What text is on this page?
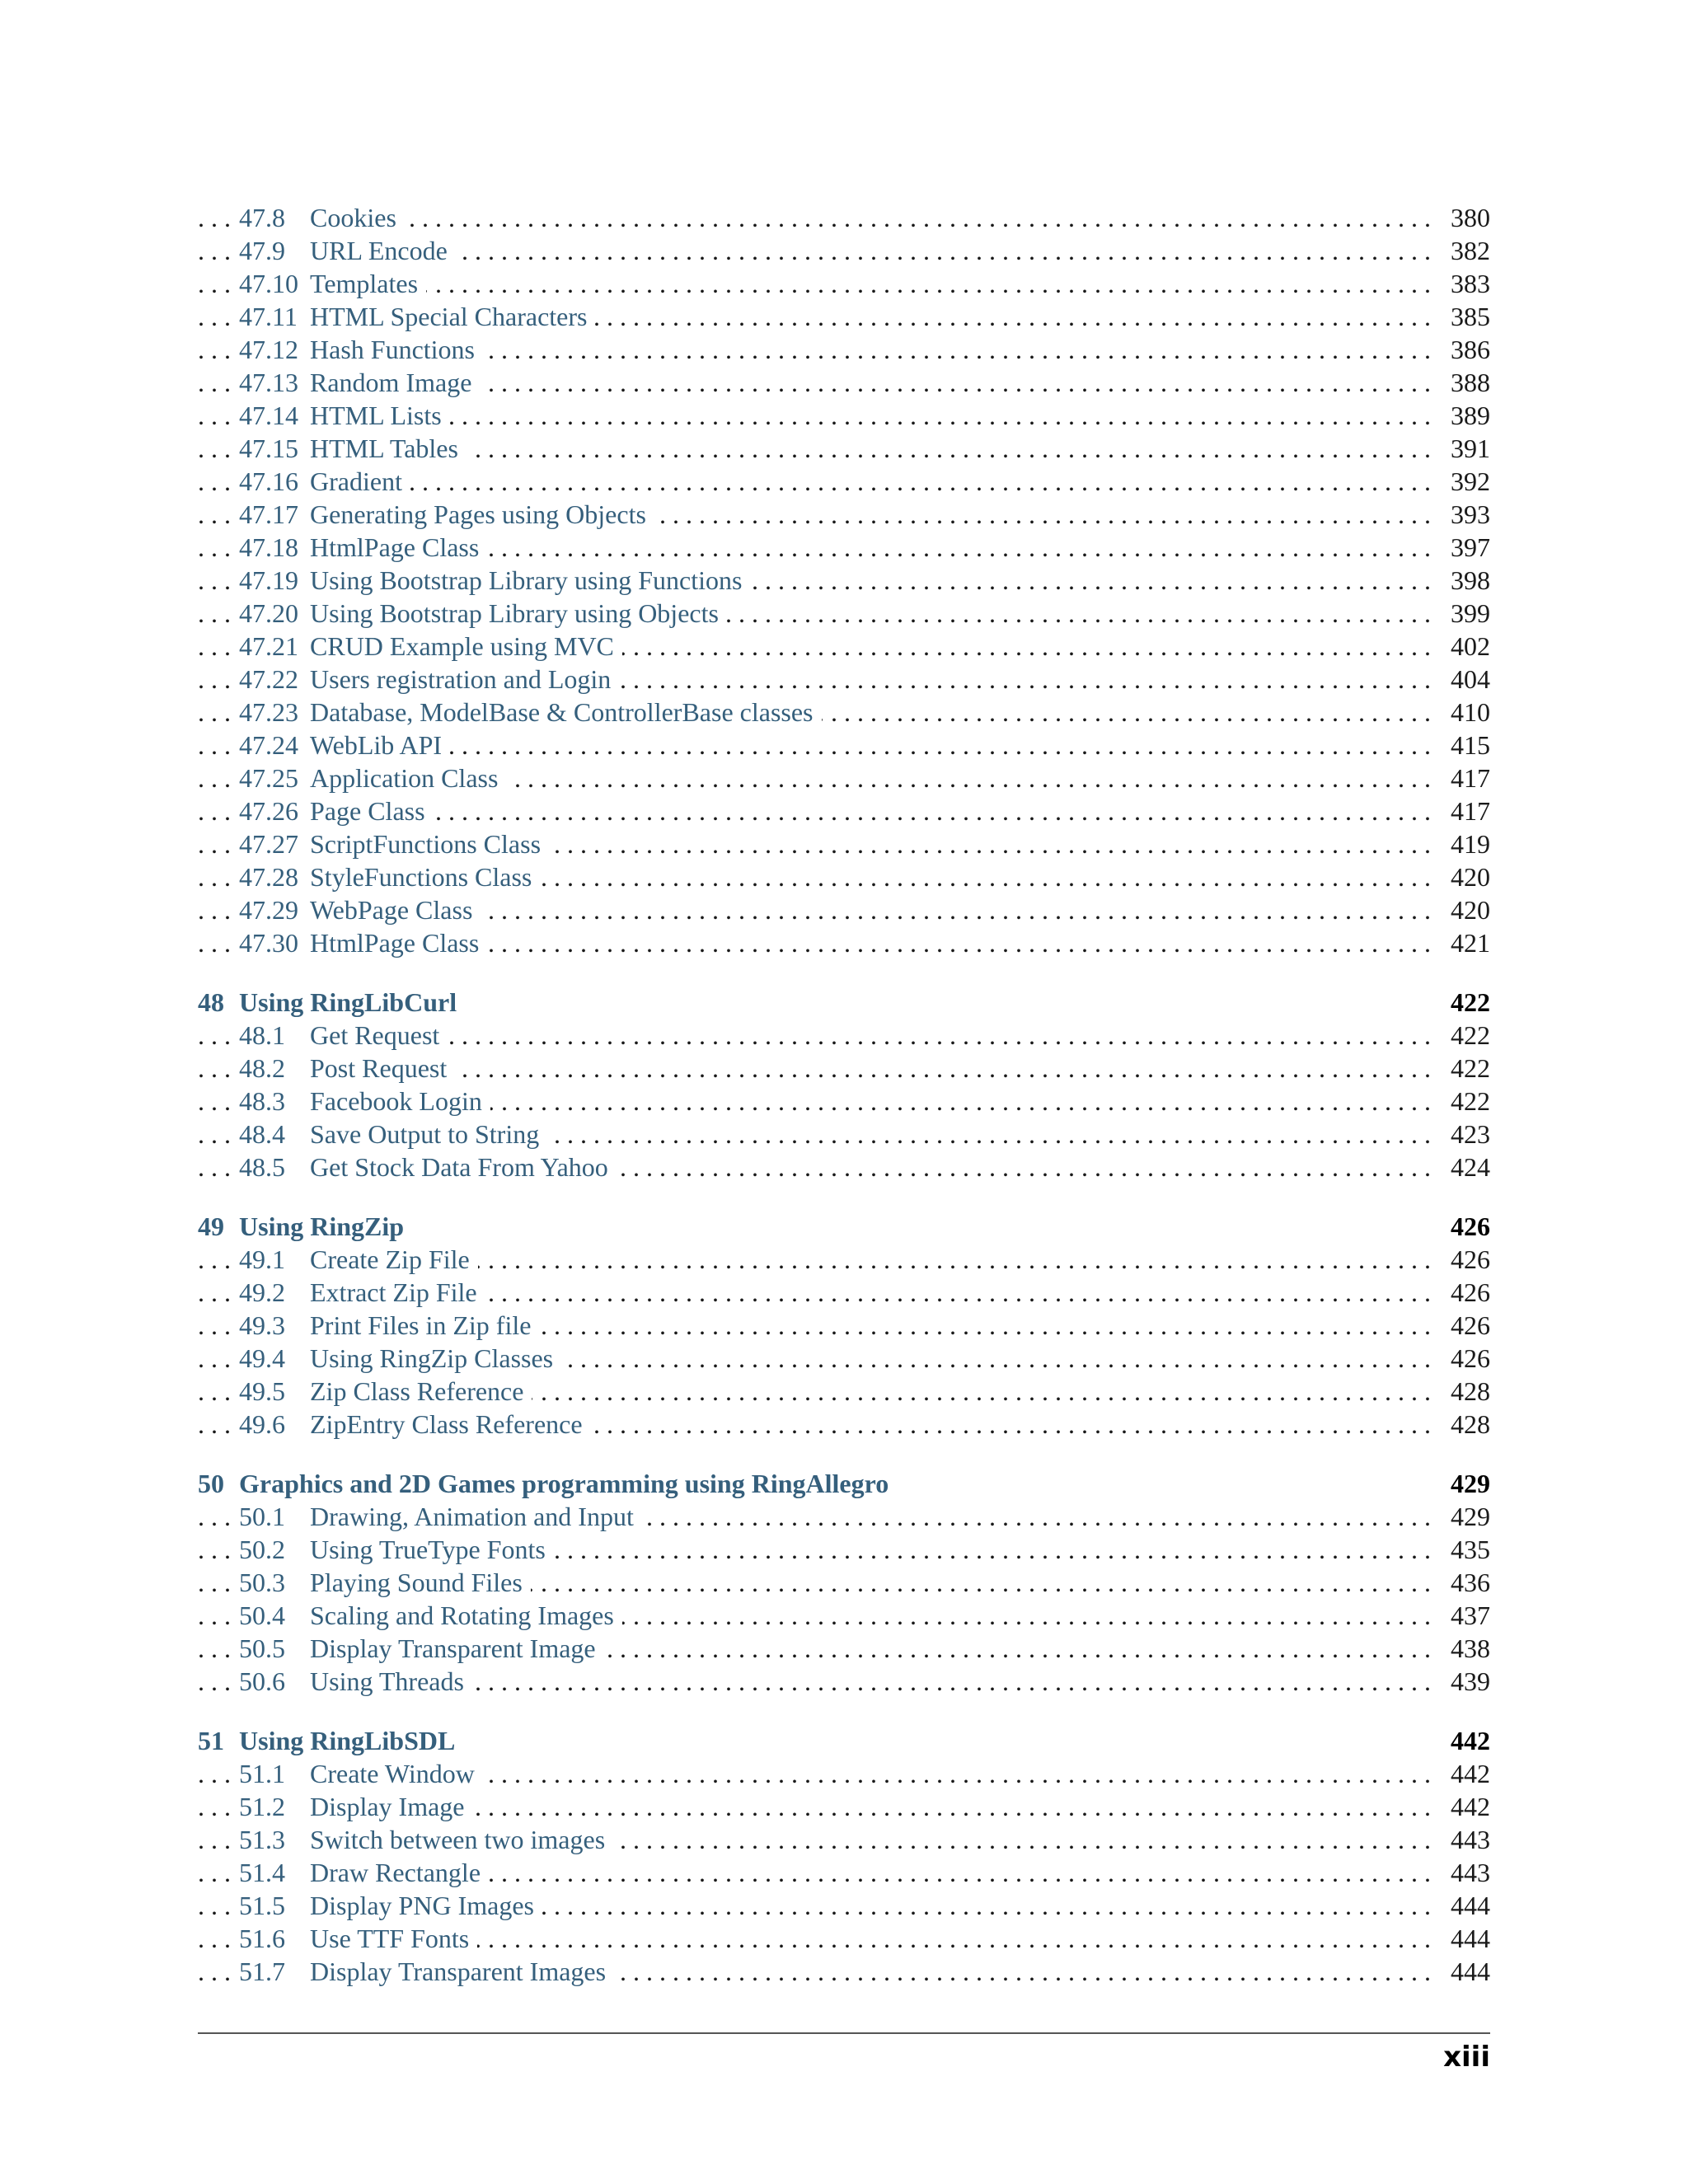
. . .
47.8 Cookies	380
. . .
47.9 URL Encode	382
. . .
47.10 Templates	383
. . .
47.11 HTML Special Characters	385
. . .
47.12 Hash Functions	386
. . .
47.13 Random Image	388
. . .
47.14 HTML Lists	389
. . .
47.15 HTML Tables	391
. . .
47.16 Gradient	392
. . .
47.17 Generating Pages using Objects	393
. . .
47.18 HtmlPage Class	397
. . .
47.19 Using Bootstrap Library using Functions	398
. . .
47.20 Using Bootstrap Library using Objects	399
. . .
47.21 CRUD Example using MVC	402
. . .
47.22 Users registration and Login	404
. . .
47.23 Database, ModelBase & ControllerBase classes	410
. . .
47.24 WebLib API	415
. . .
47.25 Application Class	417
. . .
47.26 Page Class	417
. . .
47.27 ScriptFunctions Class	419
. . .
47.28 StyleFunctions Class	420
. . .
47.29 WebPage Class	420
. . .
47.30 HtmlPage Class	421
48 Using RingLibCurl	422
. . .
48.1 Get Request	422
. . .
48.2 Post Request	422
. . .
48.3 Facebook Login	422
. . .
48.4 Save Output to String	423
. . .
48.5 Get Stock Data From Yahoo	424
49 Using RingZip	426
. . .
49.1 Create Zip File	426
. . .
49.2 Extract Zip File	426
. . .
49.3 Print Files in Zip file	426
. . .
49.4 Using RingZip Classes	426
. . .
49.5 Zip Class Reference	428
. . .
49.6 ZipEntry Class Reference	428
50 Graphics and 2D Games programming using RingAllegro	429
. . .
50.1 Drawing, Animation and Input	429
. . .
50.2 Using TrueType Fonts	435
. . .
50.3 Playing Sound Files	436
. . .
50.4 Scaling and Rotating Images	437
. . .
50.5 Display Transparent Image	438
. . .
50.6 Using Threads	439
51 Using RingLibSDL	442
. . .
51.1 Create Window	442
. . .
51.2 Display Image	442
. . .
51.3 Switch between two images	443
. . .
51.4 Draw Rectangle	443
. . .
51.5 Display PNG Images	444
. . .
51.6 Use TTF Fonts	444
. . .
51.7 Display Transparent Images	444
xiii
